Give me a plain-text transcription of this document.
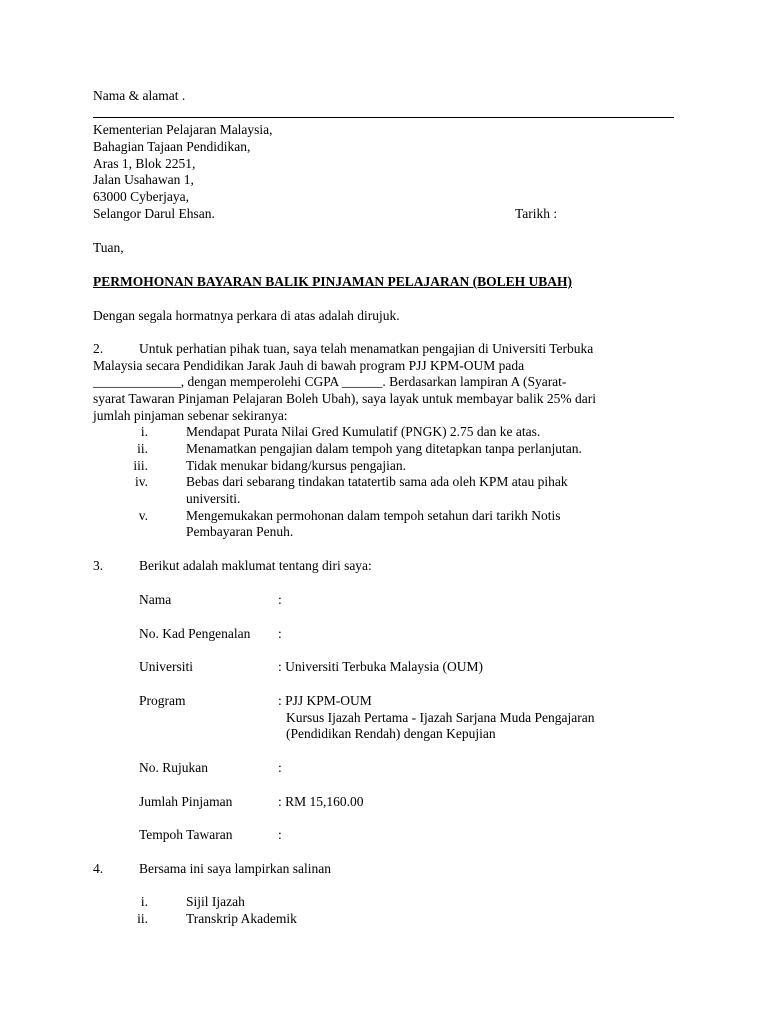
Nama & alamat .
Kementerian Pelajaran Malaysia,
Bahagian Tajaan Pendidikan,
Aras 1, Blok 2251,
Jalan Usahawan 1,
63000 Cyberjaya,
Selangor Darul Ehsan.	Tarikh :
Tuan,
PERMOHONAN BAYARAN BALIK PINJAMAN PELAJARAN (BOLEH UBAH)
Dengan segala hormatnya perkara di atas adalah dirujuk.
2.	Untuk perhatian pihak tuan, saya telah menamatkan pengajian di Universiti Terbuka
Malaysia secara Pendidikan Jarak Jauh di bawah program PJJ KPM-OUM pada
_____________, dengan memperolehi CGPA ______. Berdasarkan lampiran A (Syarat-
syarat Tawaran Pinjaman Pelajaran Boleh Ubah), saya layak untuk membayar balik 25% dari
jumlah pinjaman sebenar sekiranya:
i.	Mendapat Purata Nilai Gred Kumulatif (PNGK) 2.75 dan ke atas.
ii.	Menamatkan pengajian dalam tempoh yang ditetapkan tanpa perlanjutan.
iii.	Tidak menukar bidang/kursus pengajian.
iv.	Bebas dari sebarang tindakan tatatertib sama ada oleh KPM atau pihak
universiti.
v.	Mengemukakan permohonan dalam tempoh setahun dari tarikh Notis
Pembayaran Penuh.
3.	Berikut adalah maklumat tentang diri saya:
Nama	:
No. Kad Pengenalan :
Universiti	: Universiti Terbuka Malaysia (OUM)
Program	: PJJ KPM-OUM
Kursus Ijazah Pertama - Ijazah Sarjana Muda Pengajaran
(Pendidikan Rendah) dengan Kepujian
No. Rujukan	:
Jumlah Pinjaman	: RM 15,160.00
Tempoh Tawaran	:
4.	Bersama ini saya lampirkan salinan
i.	Sijil Ijazah
ii.	Transkrip Akademik
